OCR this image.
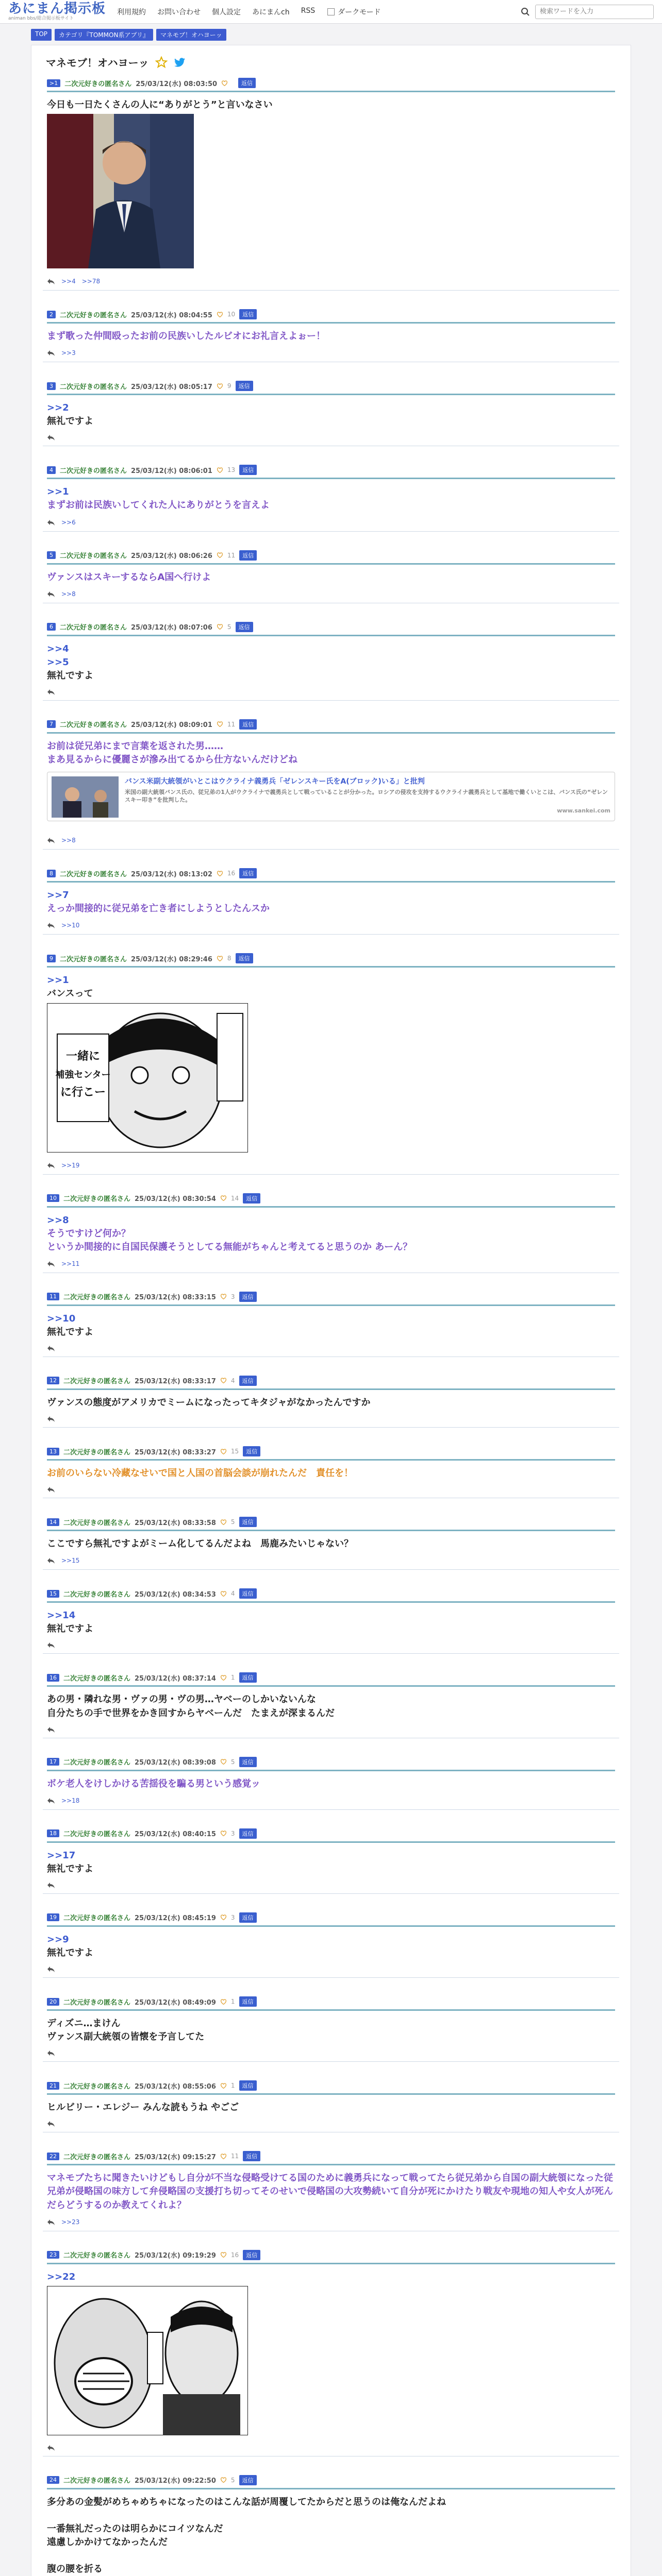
あにまん掲示板
animan bbs/総合掲示板サイト
利用規約 お問い合わせ 個人設定 あにまんch RSS	ダークモード
検索ワードを入力
TOP	カテゴリ『TOMMON系アプリ』	マネモブ！オハヨーッ
マネモブ！オハヨーッ
>1	二次元好きの匿名さん 25/03/12(水) 08:03:50
	返信
今日も一日たくさんの人に“ありがとう”と言いなさい
>>4 >>78
2	二次元好きの匿名さん 25/03/12(水) 08:04:55 10	返信
まず歌った仲間殴ったお前の民族いしたルビオにお礼言えよぉー！
>>3
3	二次元好きの匿名さん 25/03/12(水) 08:05:17 9	返信
>>2
無礼ですよ
4	二次元好きの匿名さん 25/03/12(水) 08:06:01 13	返信
>>1
まずお前は民族いしてくれた人にありがとうを言えよ
>>6
5	二次元好きの匿名さん 25/03/12(水) 08:06:26 11	返信
ヴァンスはスキーするならA国へ行けよ
>>8
6	二次元好きの匿名さん 25/03/12(水) 08:07:06 5	返信
>>4
>>5
無礼ですよ
7	二次元好きの匿名さん 25/03/12(水) 08:09:01 11	返信
お前は従兄弟にまで言葉を返された男……
まあ見るからに優麗さが滲み出てるから仕方ないんだけどね
バンス米副大統領がいとこはウクライナ義勇兵「ゼレンスキー氏をA(ブロック)いる」と批判
米国の副大統領バンス氏の、従兄弟の1人がウクライナで義勇兵として戦っていることが分かった。ロシアの侵攻を支持するウクライナ義勇兵として基地で働くいとこは、バンス氏の“ゼレンスキー叩き”を批判した。
www.sankei.com
>>8
8	二次元好きの匿名さん 25/03/12(水) 08:13:02 16	返信
>>7
えっか間接的に従兄弟を亡き者にしようとしたんスか
>>10
9	二次元好きの匿名さん 25/03/12(水) 08:29:46 8	返信
>>1
バンスって
一緒に
補強センター
に行こー
>>19
10	二次元好きの匿名さん 25/03/12(水) 08:30:54 14	返信
>>8
そうですけど何か？
というか間接的に自国民保護そうとしてる無能がちゃんと考えてると思うのか あーん？
>>11
11	二次元好きの匿名さん 25/03/12(水) 08:33:15 3	返信
>>10
無礼ですよ
12	二次元好きの匿名さん 25/03/12(水) 08:33:17 4	返信
ヴァンスの態度がアメリカでミームになったってキタジャがなかったんですか
13	二次元好きの匿名さん 25/03/12(水) 08:33:27 15	返信
お前のいらない冷藏なせいで国と人国の首脳会談が崩れたんだ　責任を！
14	二次元好きの匿名さん 25/03/12(水) 08:33:58 5	返信
ここですら無礼ですよがミーム化してるんだよね　馬鹿みたいじゃない？
>>15
15	二次元好きの匿名さん 25/03/12(水) 08:34:53 4	返信
>>14
無礼ですよ
16	二次元好きの匿名さん 25/03/12(水) 08:37:14 1	返信
あの男・隣れな男・ヴァの男・ヴの男…ヤベーのしかいないんな
自分たちの手で世界をかき回すからヤベーんだ　たまえが深まるんだ
17	二次元好きの匿名さん 25/03/12(水) 08:39:08 5	返信
ボケ老人をけしかける苦揺役を騙る男という感覚ッ
>>18
18	二次元好きの匿名さん 25/03/12(水) 08:40:15 3	返信
>>17
無礼ですよ
19	二次元好きの匿名さん 25/03/12(水) 08:45:19 3	返信
>>9
無礼ですよ
20	二次元好きの匿名さん 25/03/12(水) 08:49:09 1	返信
ディズニ…まけん
ヴァンス副大統領の皆懐を予言してた
21	二次元好きの匿名さん 25/03/12(水) 08:55:06 1	返信
ヒルビリー・エレジー みんな読もうね やごご
22	二次元好きの匿名さん 25/03/12(水) 09:15:27 11	返信
マネモブたちに聞きたいけどもし自分が不当な侵略受けてる国のために義勇兵になって戦ってたら従兄弟から自国の副大統領になった従兄弟が侵略国の味方して弁侵略国の支援打ち切ってそのせいで侵略国の大攻勢続いて自分が死にかけたり戦友や現地の知人や女人が死んだらどうするのか教えてくれよ？
>>23
23	二次元好きの匿名さん 25/03/12(水) 09:19:29 16	返信
>>22
24	二次元好きの匿名さん 25/03/12(水) 09:22:50 5	返信
多分あの金髪がめちゃめちゃになったのはこんな話が周覆してたからだと思うのは俺なんだよね

一番無礼だったのは明らかにコイツなんだ
遠慮しかかけてなかったんだ

腹の腰を折る
